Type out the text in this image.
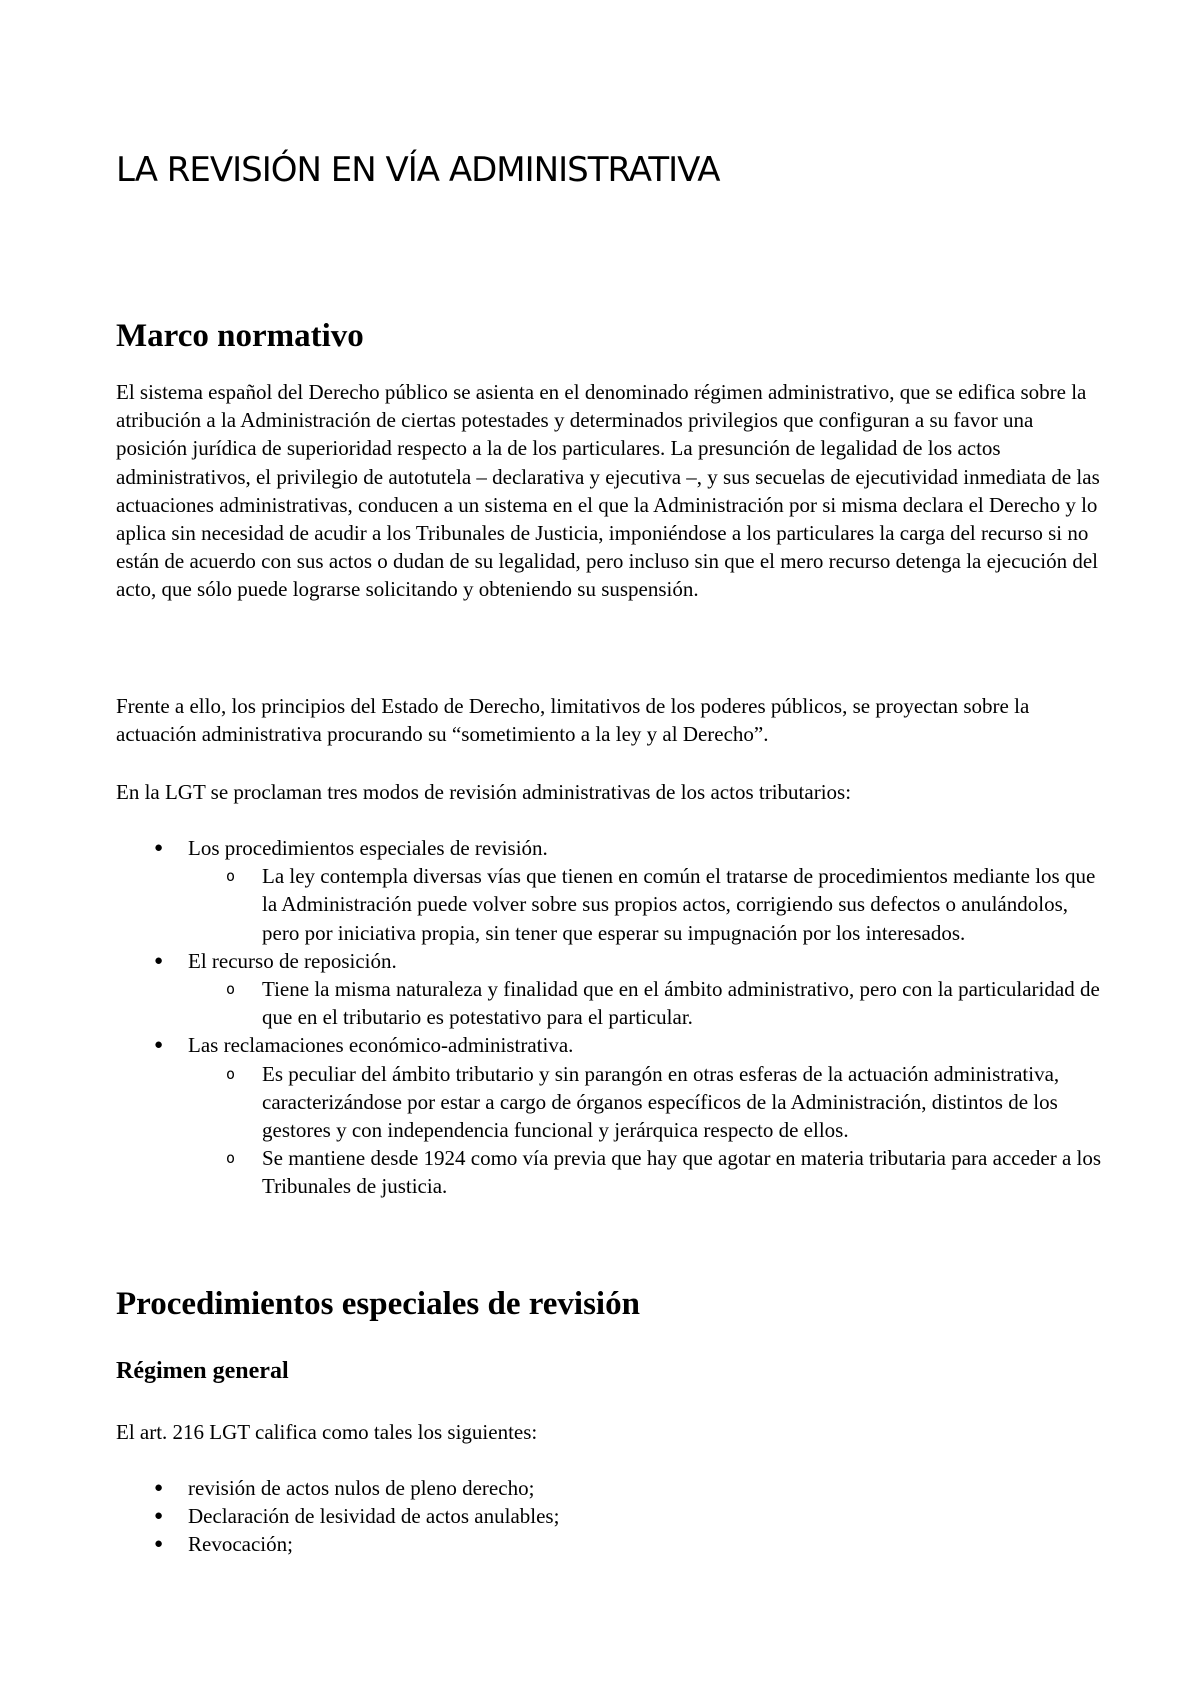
LA REVISIÓN EN VÍA ADMINISTRATIVA
Marco normativo

El sistema español del Derecho público se asienta en el denominado régimen administrativo, que se edifica sobre la atribución a la Administración de ciertas potestades y determinados privilegios que configuran a su favor una posición jurídica de superioridad respecto a la de los particulares. La presunción de legalidad de los actos administrativos, el privilegio de autotutela – declarativa y ejecutiva –, y sus secuelas de ejecutividad inmediata de las actuaciones administrativas, conducen a un sistema en el que la Administración por si misma declara el Derecho y lo aplica sin necesidad de acudir a los Tribunales de Justicia, imponiéndose a los particulares la carga del recurso si no están de acuerdo con sus actos o dudan de su legalidad, pero incluso sin que el mero recurso detenga la ejecución del acto, que sólo puede lograrse solicitando y obteniendo su suspensión.

Frente a ello, los principios del Estado de Derecho, limitativos de los poderes públicos, se proyectan sobre la actuación administrativa procurando su “sometimiento a la ley y al Derecho”.

En la LGT se proclaman tres modos de revisión administrativas de los actos tributarios:

● Los procedimientos especiales de revisión.
o La ley contempla diversas vías que tienen en común el tratarse de procedimientos mediante los que la Administración puede volver sobre sus propios actos, corrigiendo sus defectos o anulándolos, pero por iniciativa propia, sin tener que esperar su impugnación por los interesados.
● El recurso de reposición.
o Tiene la misma naturaleza y finalidad que en el ámbito administrativo, pero con la particularidad de que en el tributario es potestativo para el particular.
● Las reclamaciones económico-administrativa.
o Es peculiar del ámbito tributario y sin parangón en otras esferas de la actuación administrativa, caracterizándose por estar a cargo de órganos específicos de la Administración, distintos de los gestores y con independencia funcional y jerárquica respecto de ellos.
o Se mantiene desde 1924 como vía previa que hay que agotar en materia tributaria para acceder a los Tribunales de justicia.
Procedimientos especiales de revisión
Régimen general

El art. 216 LGT califica como tales los siguientes:

● revisión de actos nulos de pleno derecho;
● Declaración de lesividad de actos anulables;
● Revocación;
